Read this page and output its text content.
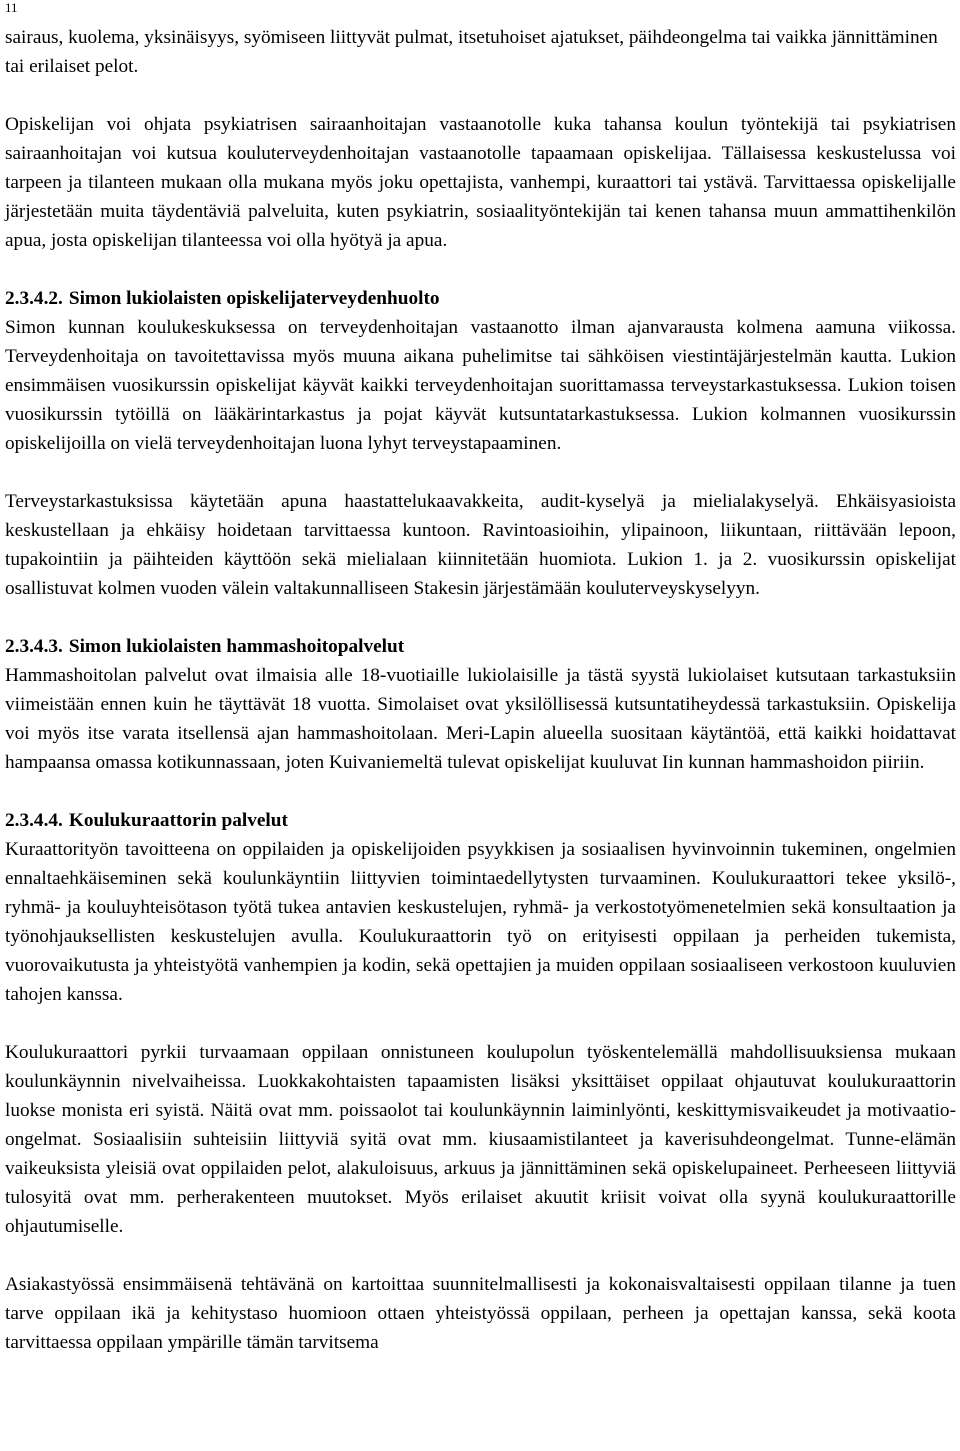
11

sairaus, kuolema, yksinäisyys, syömiseen liittyvät pulmat, itsetuhoiset ajatukset, päihdeongelma tai vaikka jännittäminen tai erilaiset pelot.

Opiskelijan voi ohjata psykiatrisen sairaanhoitajan vastaanotolle kuka tahansa koulun työntekijä tai psykiatrisen sairaanhoitajan voi kutsua kouluterveydenhoitajan vastaanotolle tapaamaan opiskelijaa. Tällaisessa keskustelussa voi tarpeen ja tilanteen mukaan olla mukana myös joku opettajista, vanhempi, kuraattori tai ystävä. Tarvittaessa opiskelijalle järjestetään muita täydentäviä palveluita, kuten psykiatrin, sosiaalityöntekijän tai kenen tahansa muun ammattihenkilön apua, josta opiskelijan tilanteessa voi olla hyötyä ja apua.

2.3.4.2. Simon lukiolaisten opiskelijaterveydenhuolto

Simon kunnan koulukeskuksessa on terveydenhoitajan vastaanotto ilman ajanvarausta kolmena aamuna viikossa. Terveydenhoitaja on tavoitettavissa myös muuna aikana puhelimitse tai sähköisen viestintäjärjestelmän kautta. Lukion ensimmäisen vuosikurssin opiskelijat käyvät kaikki terveydenhoitajan suorittamassa terveystarkastuksessa. Lukion toisen vuosikurssin tytöillä on lääkärintarkastus ja pojat käyvät kutsuntatarkastuksessa. Lukion kolmannen vuosikurssin opiskelijoilla on vielä terveydenhoitajan luona lyhyt terveystapaaminen.

Terveystarkastuksissa käytetään apuna haastattelukaavakkeita, audit-kyselyä ja mielialakyselyä. Ehkäisyasioista keskustellaan ja ehkäisy hoidetaan tarvittaessa kuntoon. Ravintoasioihin, ylipainoon, liikuntaan, riittävään lepoon, tupakointiin ja päihteiden käyttöön sekä mielialaan kiinnitetään huomiota. Lukion 1. ja 2. vuosikurssin opiskelijat osallistuvat kolmen vuoden välein valtakunnalliseen Stakesin järjestämään kouluterveyskyselyyn.

2.3.4.3. Simon lukiolaisten hammashoitopalvelut

Hammashoitolan palvelut ovat ilmaisia alle 18-vuotiaille lukiolaisille ja tästä syystä lukiolaiset kutsutaan tarkastuksiin viimeistään ennen kuin he täyttävät 18 vuotta. Simolaiset ovat yksilöllisessä kutsuntatiheydessä tarkastuksiin. Opiskelija voi myös itse varata itsellensä ajan hammashoitolaan. Meri-Lapin alueella suositaan käytäntöä, että kaikki hoidattavat hampaansa omassa kotikunnassaan, joten Kuivaniemeltä tulevat opiskelijat kuuluvat Iin kunnan hammashoidon piiriin.

2.3.4.4. Koulukuraattorin palvelut

Kuraattorityön tavoitteena on oppilaiden ja opiskelijoiden psyykkisen ja sosiaalisen hyvinvoinnin tukeminen, ongelmien ennaltaehkäiseminen sekä koulunkäyntiin liittyvien toimintaedellytysten turvaaminen. Koulukuraattori tekee yksilö-, ryhmä- ja kouluyhteisötason työtä tukea antavien keskustelujen, ryhmä- ja verkostotyömenetelmien sekä konsultaation ja työnohjauksellisten keskustelujen avulla. Koulukuraattorin työ on erityisesti oppilaan ja perheiden tukemista, vuorovaikutusta ja yhteistyötä vanhempien ja kodin, sekä opettajien ja muiden oppilaan sosiaaliseen verkostoon kuuluvien tahojen kanssa.

Koulukuraattori pyrkii turvaamaan oppilaan onnistuneen koulupolun työskentelemällä mahdollisuuksiensa mukaan koulunkäynnin nivelvaiheissa. Luokkakohtaisten tapaamisten lisäksi yksittäiset oppilaat ohjautuvat koulukuraattorin luokse monista eri syistä. Näitä ovat mm. poissaolot tai koulunkäynnin laiminlyönti, keskittymisvaikeudet ja motivaatio-ongelmat. Sosiaalisiin suhteisiin liittyviä syitä ovat mm. kiusaamistilanteet ja kaverisuhdeongelmat. Tunne-elämän vaikeuksista yleisiä ovat oppilaiden pelot, alakuloisuus, arkuus ja jännittäminen sekä opiskelupaineet. Perheeseen liittyviä tulosyitä ovat mm. perherakenteen muutokset. Myös erilaiset akuutit kriisit voivat olla syynä koulukuraattorille ohjautumiselle.

Asiakastyössä ensimmäisenä tehtävänä on kartoittaa suunnitelmallisesti ja kokonaisvaltaisesti oppilaan tilanne ja tuen tarve oppilaan ikä ja kehitystaso huomioon ottaen yhteistyössä oppilaan, perheen ja opettajan kanssa, sekä koota tarvittaessa oppilaan ympärille tämän tarvitsema
